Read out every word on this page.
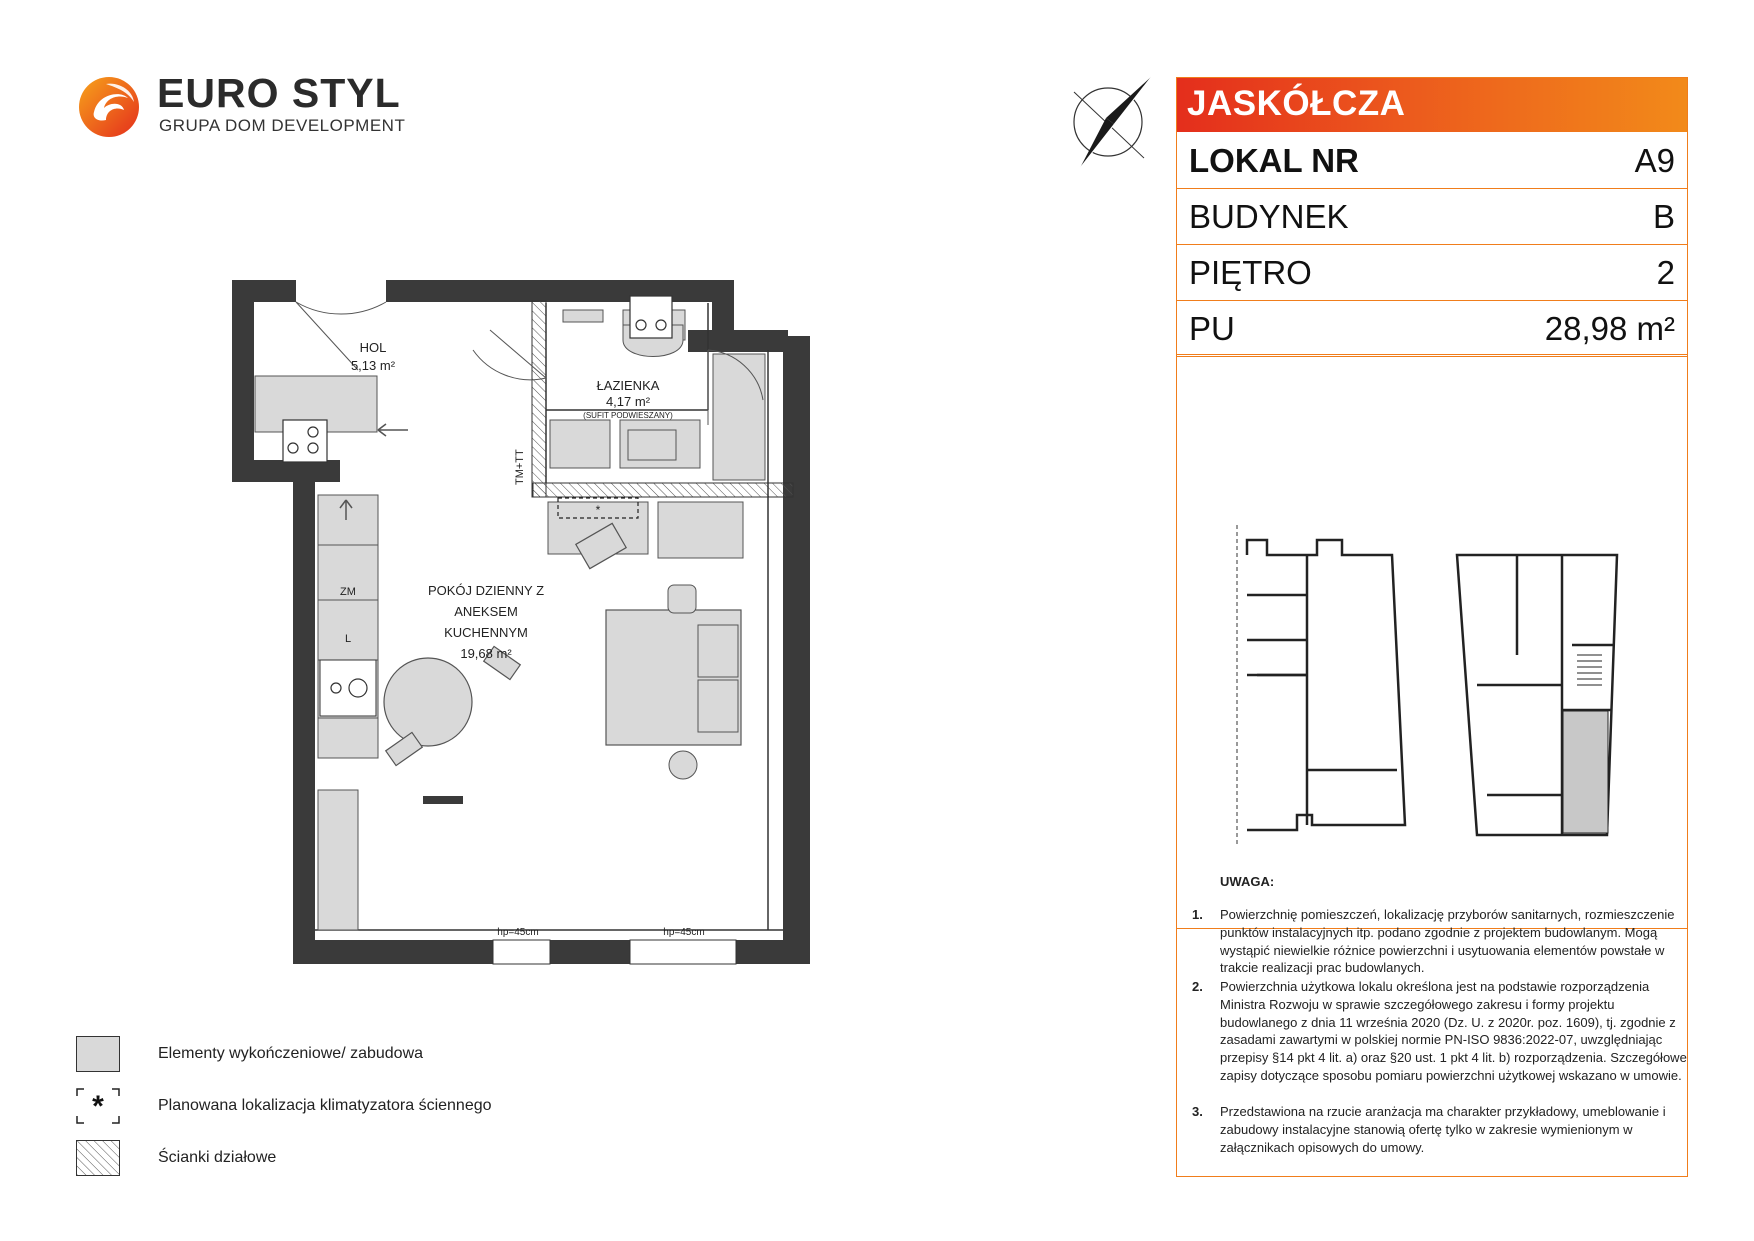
EURO STYL
GRUPA DOM DEVELOPMENT
JASKÓŁCZA
LOKAL NR	A9
BUDYNEK	B
PIĘTRO	2
PU	28,98 m²
UWAGA:
1. Powierzchnię pomieszczeń, lokalizację przyborów sanitarnych, rozmieszczenie punktów instalacyjnych itp. podano zgodnie z projektem budowlanym. Mogą wystąpić niewielkie różnice powierzchni i usytuowania elementów powstałe w trakcie realizacji prac budowlanych.
2. Powierzchnia użytkowa lokalu określona jest na podstawie rozporządzenia Ministra Rozwoju w sprawie szczegółowego zakresu i formy projektu budowlanego z dnia 11 września 2020 (Dz. U. z 2020r. poz. 1609), tj. zgodnie z zasadami zawartymi w polskiej normie PN-ISO 9836:2022-07, uwzględniając przepisy §14 pkt 4 lit. a) oraz §20 ust. 1 pkt 4 lit. b) rozporządzenia. Szczegółowe zapisy dotyczące sposobu pomiaru powierzchni użytkowej wskazano w umowie.
3. Przedstawiona na rzucie aranżacja ma charakter przykładowy, umeblowanie i zabudowy instalacyjne stanowią ofertę tylko w zakresie wymienionym w załącznikach opisowych do umowy.
Elementy wykończeniowe/ zabudowa
*	Planowana lokalizacja klimatyzatora ściennego
Ścianki działowe
HOL
5,13 m²
ŁAZIENKA
4,17 m²
(SUFIT PODWIESZANY)
POKÓJ DZIENNY Z
ANEKSEM
KUCHENNYM
19,68 m²
TM+TT
ZM
L
hp=45cm	hp=45cm
*
